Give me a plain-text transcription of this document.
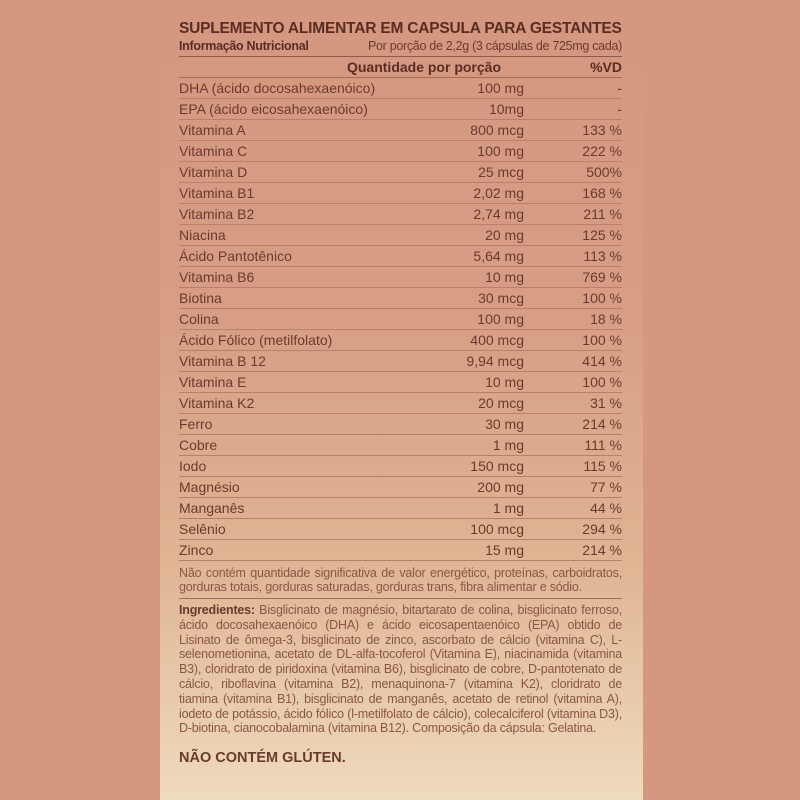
SUPLEMENTO ALIMENTAR EM CAPSULA PARA GESTANTES
Informação Nutricional	Por porção de 2,2g (3 cápsulas de 725mg cada)
Quantidade por porção	%VD
DHA (ácido docosahexaenóico)	100 mg	-
EPA (ácido eicosahexaenóico)	10mg	-
Vitamina A	800 mcg	133 %
Vitamina C	100 mg	222 %
Vitamina D	25 mcg	500%
Vitamina B1	2,02 mg	168 %
Vitamina B2	2,74 mg	211 %
Niacina	20 mg	125 %
Ácido Pantotênico	5,64 mg	113 %
Vitamina B6	10 mg	769 %
Biotina	30 mcg	100 %
Colina	100 mg	18 %
Ácido Fólico (metilfolato)	400 mcg	100 %
Vitamina B 12	9,94 mcg	414 %
Vitamina E	10 mg	100 %
Vitamina K2	20 mcg	31 %
Ferro	30 mg	214 %
Cobre	1 mg	111 %
Iodo	150 mcg	115 %
Magnésio	200 mg	77 %
Manganês	1 mg	44 %
Selênio	100 mcg	294 %
Zinco	15 mg	214 %
Não contém quantidade significativa de valor energético, proteínas, carboidratos, gorduras totais, gorduras saturadas, gorduras trans, fibra alimentar e sódio.
Ingredientes: Bisglicinato de magnésio, bitartarato de colina, bisglicinato ferroso, ácido docosahexaenóico (DHA) e ácido eicosapentaenóico (EPA) obtido de Lisinato de ômega-3, bisglicinato de zinco, ascorbato de cálcio (vitamina C), L-selenometionina, acetato de DL-alfa-tocoferol (Vitamina E), niacinamida (vitamina B3), cloridrato de piridoxina (vitamina B6), bisglicinato de cobre, D-pantotenato de cálcio, riboflavina (vitamina B2), menaquinona-7 (vitamina K2), cloridrato de tiamina (vitamina B1), bisglicinato de manganês, acetato de retinol (vitamina A), iodeto de potássio, ácido fólico (l-metilfolato de cálcio), colecalciferol (vitamina D3), D-biotina, cianocobalamina (vitamina B12). Composição da cápsula: Gelatina.
NÃO CONTÉM GLÚTEN.
